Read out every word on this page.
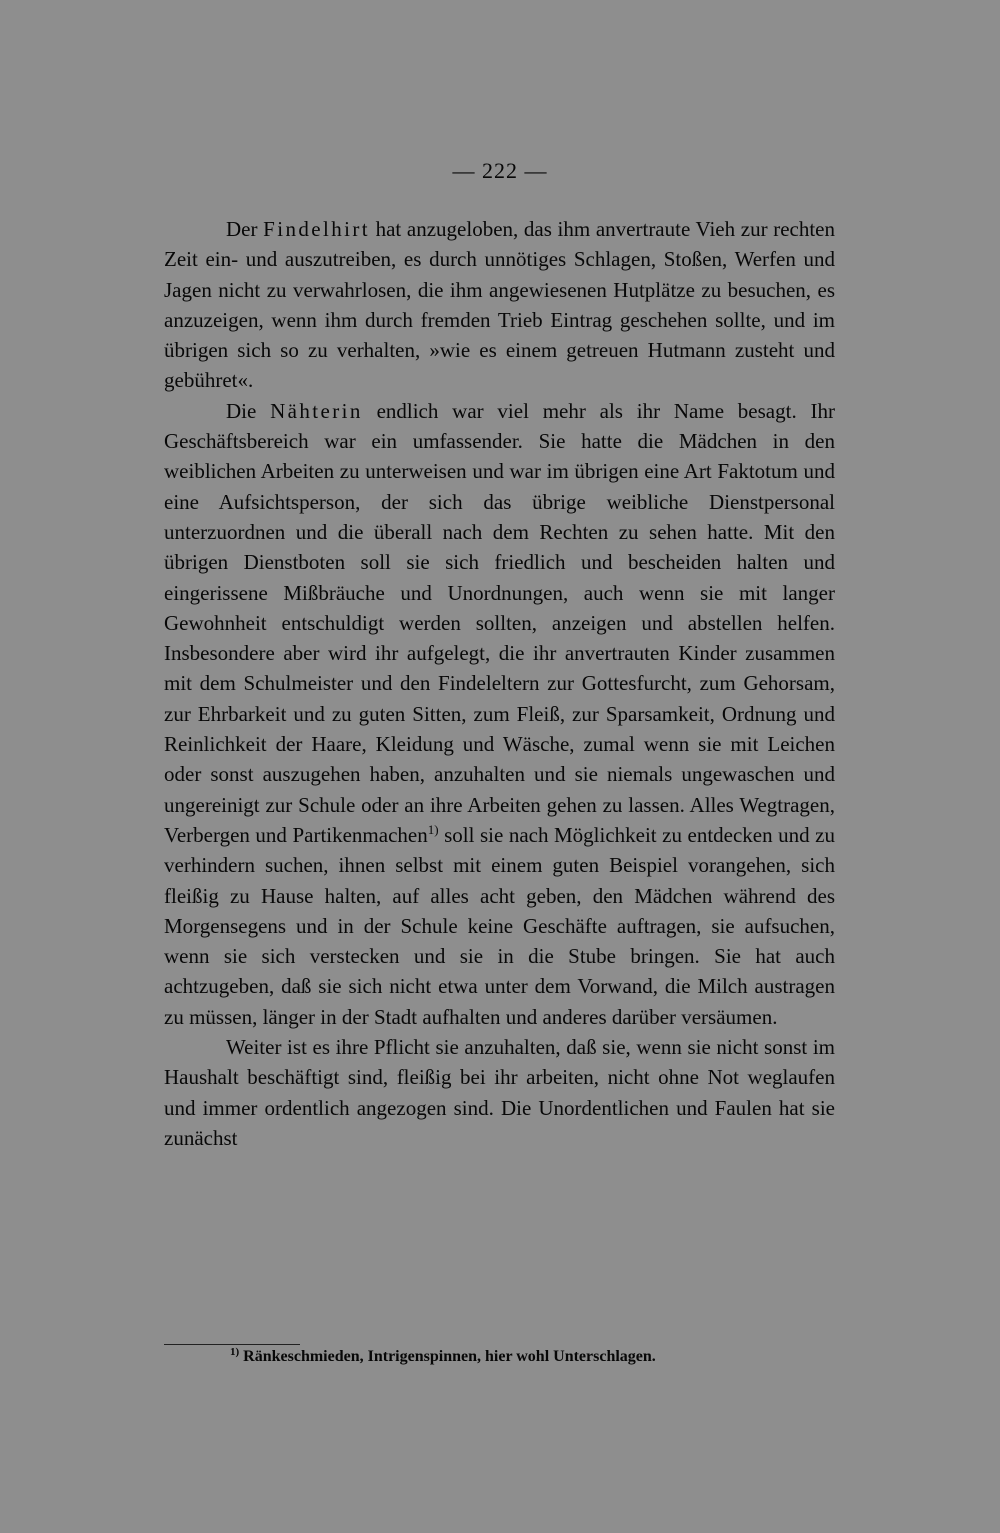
— 222 —

Der Findelhirt hat anzugeloben, das ihm anvertraute Vieh zur rechten Zeit ein- und auszutreiben, es durch unnötiges Schlagen, Stoßen, Werfen und Jagen nicht zu verwahrlosen, die ihm angewiesenen Hutplätze zu besuchen, es anzuzeigen, wenn ihm durch fremden Trieb Eintrag geschehen sollte, und im übrigen sich so zu verhalten, »wie es einem getreuen Hutmann zusteht und gebühret«.

Die Nähterin endlich war viel mehr als ihr Name besagt. Ihr Geschäftsbereich war ein umfassender. Sie hatte die Mädchen in den weiblichen Arbeiten zu unterweisen und war im übrigen eine Art Faktotum und eine Aufsichtsperson, der sich das übrige weibliche Dienstpersonal unterzuordnen und die überall nach dem Rechten zu sehen hatte. Mit den übrigen Dienstboten soll sie sich friedlich und bescheiden halten und eingerissene Mißbräuche und Unordnungen, auch wenn sie mit langer Gewohnheit entschuldigt werden sollten, anzeigen und abstellen helfen. Insbesondere aber wird ihr aufgelegt, die ihr anvertrauten Kinder zusammen mit dem Schulmeister und den Findeleltern zur Gottesfurcht, zum Gehorsam, zur Ehrbarkeit und zu guten Sitten, zum Fleiß, zur Sparsamkeit, Ordnung und Reinlichkeit der Haare, Kleidung und Wäsche, zumal wenn sie mit Leichen oder sonst auszugehen haben, anzuhalten und sie niemals ungewaschen und ungereinigt zur Schule oder an ihre Arbeiten gehen zu lassen. Alles Wegtragen, Verbergen und Partikenmachen$^{1)}$ soll sie nach Möglichkeit zu entdecken und zu verhindern suchen, ihnen selbst mit einem guten Beispiel vorangehen, sich fleißig zu Hause halten, auf alles acht geben, den Mädchen während des Morgensegens und in der Schule keine Geschäfte auftragen, sie aufsuchen, wenn sie sich verstecken und sie in die Stube bringen. Sie hat auch achtzugeben, daß sie sich nicht etwa unter dem Vorwand, die Milch austragen zu müssen, länger in der Stadt aufhalten und anderes darüber versäumen.

Weiter ist es ihre Pflicht sie anzuhalten, daß sie, wenn sie nicht sonst im Haushalt beschäftigt sind, fleißig bei ihr arbeiten, nicht ohne Not weglaufen und immer ordentlich angezogen sind. Die Unordentlichen und Faulen hat sie zunächst

$^{1)}$ Ränkeschmieden, Intrigenspinnen, hier wohl Unterschlagen.
